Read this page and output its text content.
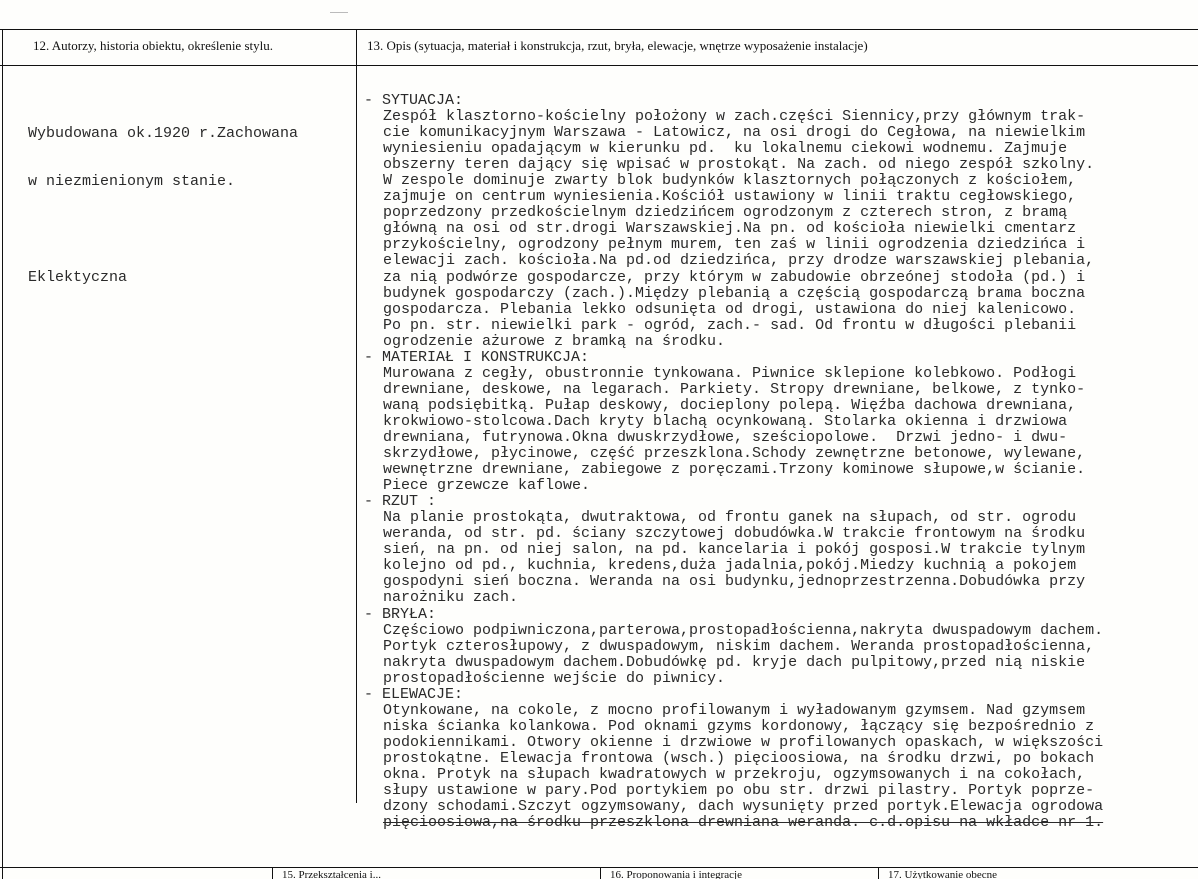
12. Autorzy, historia obiektu, określenie stylu.	13. Opis (sytuacja, materiał i konstrukcja, rzut, bryła, elewacje, wnętrze wyposażenie instalacje)

Wybudowana ok.1920 r.Zachowana

w niezmienionym stanie.

Eklektyczna

- SYTUACJA:
Zespół klasztorno-kościelny położony w zach.części Siennicy,przy głównym trak-
cie komunikacyjnym Warszawa - Latowicz, na osi drogi do Cegłowa, na niewielkim
wyniesieniu opadającym w kierunku pd.  ku lokalnemu ciekowi wodnemu. Zajmuje
obszerny teren dający się wpisać w prostokąt. Na zach. od niego zespół szkolny.
W zespole dominuje zwarty blok budynków klasztornych połączonych z kościołem,
zajmuje on centrum wyniesienia.Kościół ustawiony w linii traktu cegłowskiego,
poprzedzony przedkościelnym dziedzińcem ogrodzonym z czterech stron, z bramą
główną na osi od str.drogi Warszawskiej.Na pn. od kościoła niewielki cmentarz
przykościelny, ogrodzony pełnym murem, ten zaś w linii ogrodzenia dziedzińca i
elewacji zach. kościoła.Na pd.od dziedzińca, przy drodze warszawskiej plebania,
za nią podwórze gospodarcze, przy którym w zabudowie obrzeónej stodoła (pd.) i
budynek gospodarczy (zach.).Między plebanią a częścią gospodarczą brama boczna
gospodarcza. Plebania lekko odsunięta od drogi, ustawiona do niej kalenicowo.
Po pn. str. niewielki park - ogród, zach.- sad. Od frontu w długości plebanii
ogrodzenie ażurowe z bramką na środku.
- MATERIAŁ I KONSTRUKCJA:
Murowana z cegły, obustronnie tynkowana. Piwnice sklepione kolebkowo. Podłogi
drewniane, deskowe, na legarach. Parkiety. Stropy drewniane, belkowe, z tynko-
waną podsiębitką. Pułap deskowy, docieplony polepą. Więźba dachowa drewniana,
krokwiowo-stolcowa.Dach kryty blachą ocynkowaną. Stolarka okienna i drzwiowa
drewniana, futrynowa.Okna dwuskrzydłowe, sześciopolowe.  Drzwi jedno- i dwu-
skrzydłowe, płycinowe, część przeszklona.Schody zewnętrzne betonowe, wylewane,
wewnętrzne drewniane, zabiegowe z poręczami.Trzony kominowe słupowe,w ścianie.
Piece grzewcze kaflowe.
- RZUT :
Na planie prostokąta, dwutraktowa, od frontu ganek na słupach, od str. ogrodu
weranda, od str. pd. ściany szczytowej dobudówka.W trakcie frontowym na środku
sień, na pn. od niej salon, na pd. kancelaria i pokój gosposi.W trakcie tylnym
kolejno od pd., kuchnia, kredens,duża jadalnia,pokój.Miedzy kuchnią a pokojem
gospodyni sień boczna. Weranda na osi budynku,jednoprzestrzenna.Dobudówka przy
narożniku zach.
- BRYŁA:
Częściowo podpiwniczona,parterowa,prostopadłościenna,nakryta dwuspadowym dachem.
Portyk czterosłupowy, z dwuspadowym, niskim dachem. Weranda prostopadłościenna,
nakryta dwuspadowym dachem.Dobudówkę pd. kryje dach pulpitowy,przed nią niskie
prostopadłościenne wejście do piwnicy.
- ELEWACJE:
Otynkowane, na cokole, z mocno profilowanym i wyładowanym gzymsem. Nad gzymsem
niska ścianka kolankowa. Pod oknami gzyms kordonowy, łączący się bezpośrednio z
podokiennikami. Otwory okienne i drzwiowe w profilowanych opaskach, w większości
prostokątne. Elewacja frontowa (wsch.) pięcioosiowa, na środku drzwi, po bokach
okna. Protyk na słupach kwadratowych w przekroju, ogzymsowanych i na cokołach,
słupy ustawione w pary.Pod portykiem po obu str. drzwi pilastry. Portyk poprze-
dzony schodami.Szczyt ogzymsowany, dach wysunięty przed portyk.Elewacja ogrodowa
pięcioosiowa,na środku przeszklona drewniana weranda. c.d.opisu na wkładce nr 1.
15. Przekształcenia i...	16. Proponowania i integracje	17. Użytkowanie obecne
